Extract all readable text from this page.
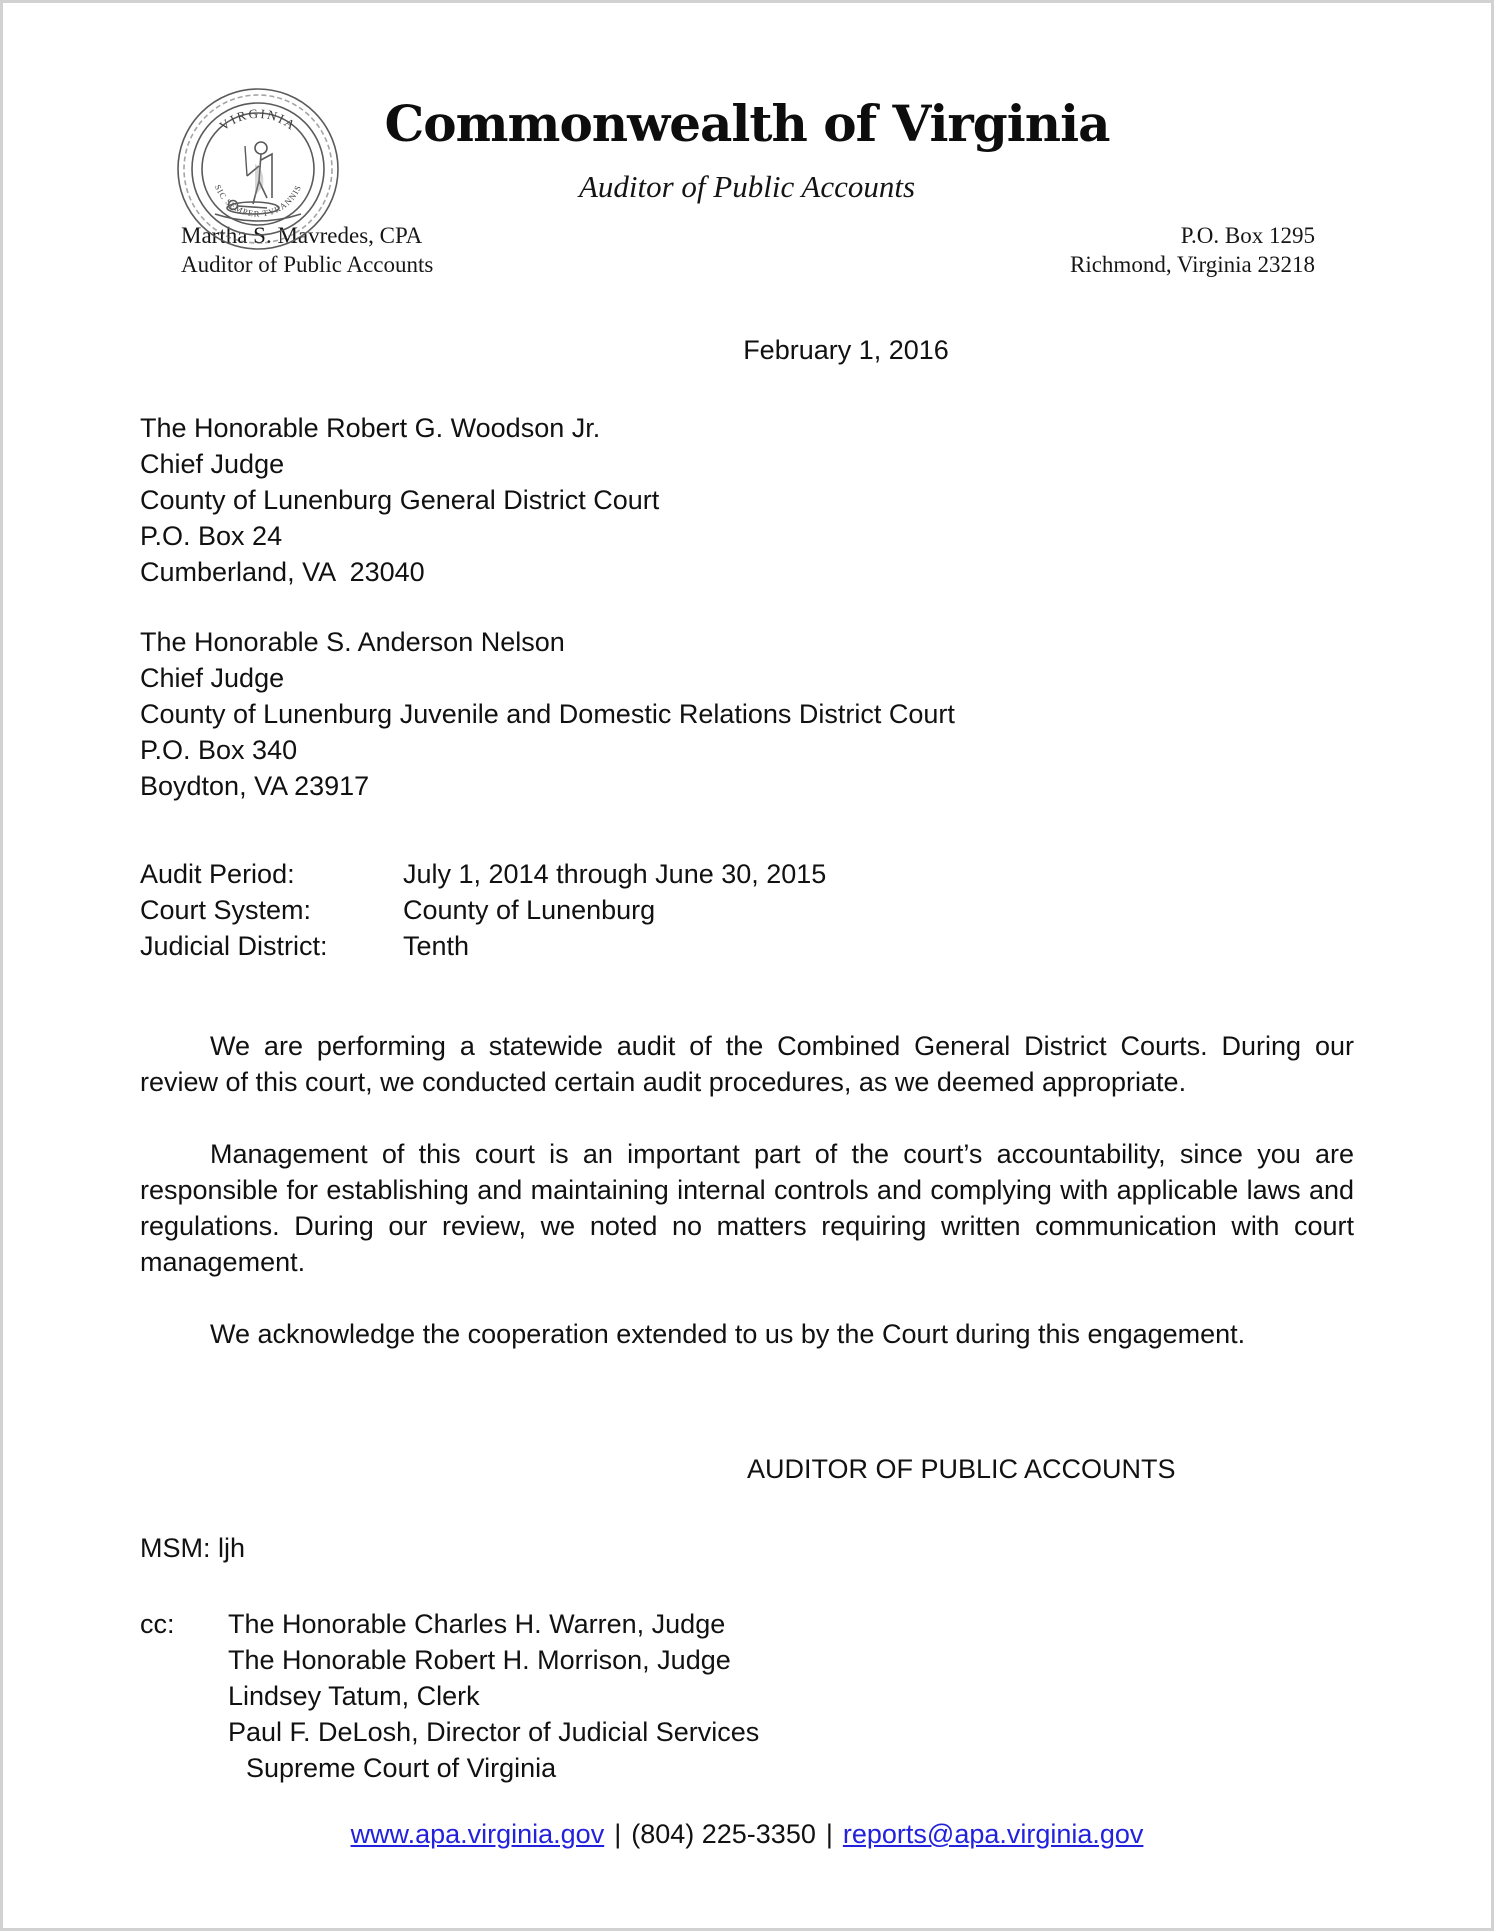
VIRGINIA
SIC SEMPER TYRANNIS
Commonwealth of Virginia
Auditor of Public Accounts
Martha S. Mavredes, CPA
Auditor of Public Accounts
P.O. Box 1295
Richmond, Virginia 23218
February 1, 2016
The Honorable Robert G. Woodson Jr.
Chief Judge
County of Lunenburg General District Court
P.O. Box 24
Cumberland, VA  23040
The Honorable S. Anderson Nelson
Chief Judge
County of Lunenburg Juvenile and Domestic Relations District Court
P.O. Box 340
Boydton, VA 23917
Audit Period:	July 1, 2014 through June 30, 2015
Court System:	County of Lunenburg
Judicial District:	Tenth

We are performing a statewide audit of the Combined General District Courts. During our review of this court, we conducted certain audit procedures, as we deemed appropriate.

Management of this court is an important part of the court’s accountability, since you are responsible for establishing and maintaining internal controls and complying with applicable laws and regulations. During our review, we noted no matters requiring written communication with court management.

We acknowledge the cooperation extended to us by the Court during this engagement.

AUDITOR OF PUBLIC ACCOUNTS
MSM: ljh
cc:	The Honorable Charles H. Warren, Judge
The Honorable Robert H. Morrison, Judge
Lindsey Tatum, Clerk
Paul F. DeLosh, Director of Judicial Services
Supreme Court of Virginia
www.apa.virginia.gov | (804) 225-3350 | reports@apa.virginia.gov
